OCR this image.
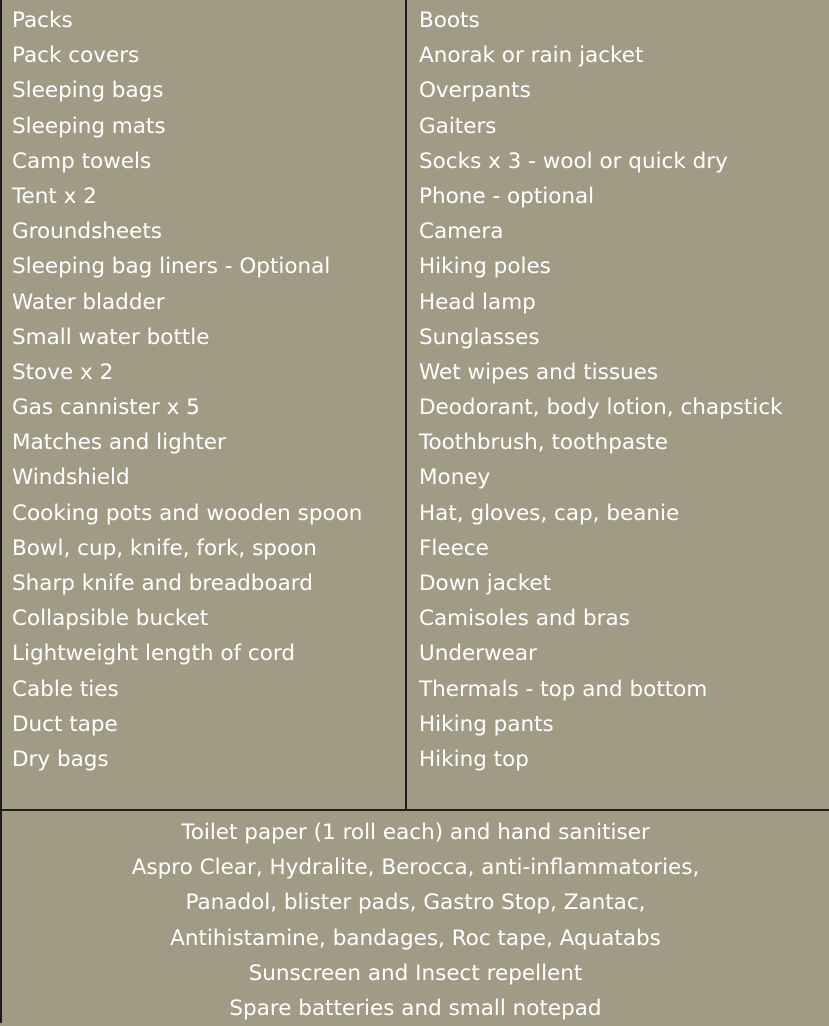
Packs
Pack covers
Sleeping bags
Sleeping mats
Camp towels
Tent x 2
Groundsheets
Sleeping bag liners - Optional
Water bladder
Small water bottle
Stove x 2
Gas cannister x 5
Matches and lighter
Windshield
Cooking pots and wooden spoon
Bowl, cup, knife, fork, spoon
Sharp knife and breadboard
Collapsible bucket
Lightweight length of cord
Cable ties
Duct tape
Dry bags
Boots
Anorak or rain jacket
Overpants
Gaiters
Socks x 3 - wool or quick dry
Phone - optional
Camera
Hiking poles
Head lamp
Sunglasses
Wet wipes and tissues
Deodorant, body lotion, chapstick
Toothbrush, toothpaste
Money
Hat, gloves, cap, beanie
Fleece
Down jacket
Camisoles and bras
Underwear
Thermals - top and bottom
Hiking pants
Hiking top
Toilet paper (1 roll each) and hand sanitiser
Aspro Clear, Hydralite, Berocca, anti-inflammatories,
Panadol, blister pads, Gastro Stop, Zantac,
Antihistamine, bandages, Roc tape, Aquatabs
Sunscreen and Insect repellent
Spare batteries and small notepad
